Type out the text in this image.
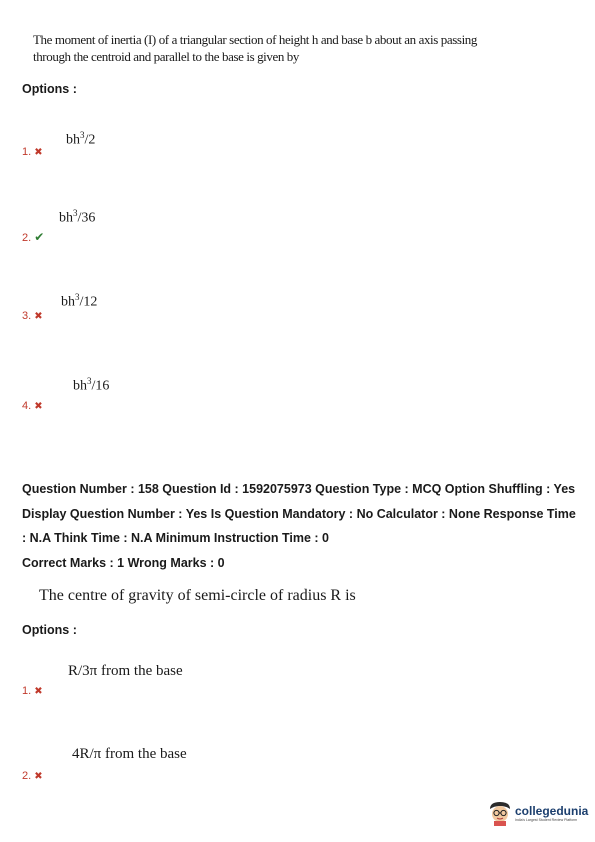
The moment of inertia (I) of a triangular section of height h and base b about an axis passing
through the centroid and parallel to the base is given by
Options :
$bh^3/2$
1. ✖
$bh^3/36$
2. ✔
$bh^3/12$
3. ✖
$bh^3/16$
4. ✖
Question Number : 158 Question Id : 1592075973 Question Type : MCQ Option Shuffling : Yes
Display Question Number : Yes Is Question Mandatory : No Calculator : None Response Time
: N.A Think Time : N.A Minimum Instruction Time : 0
Correct Marks : 1 Wrong Marks : 0
The centre of gravity of semi-circle of radius R is
Options :
R/3π from the base
1. ✖
4R/π from the base
2. ✖
collegedunia
India's Largest Student Review Platform
